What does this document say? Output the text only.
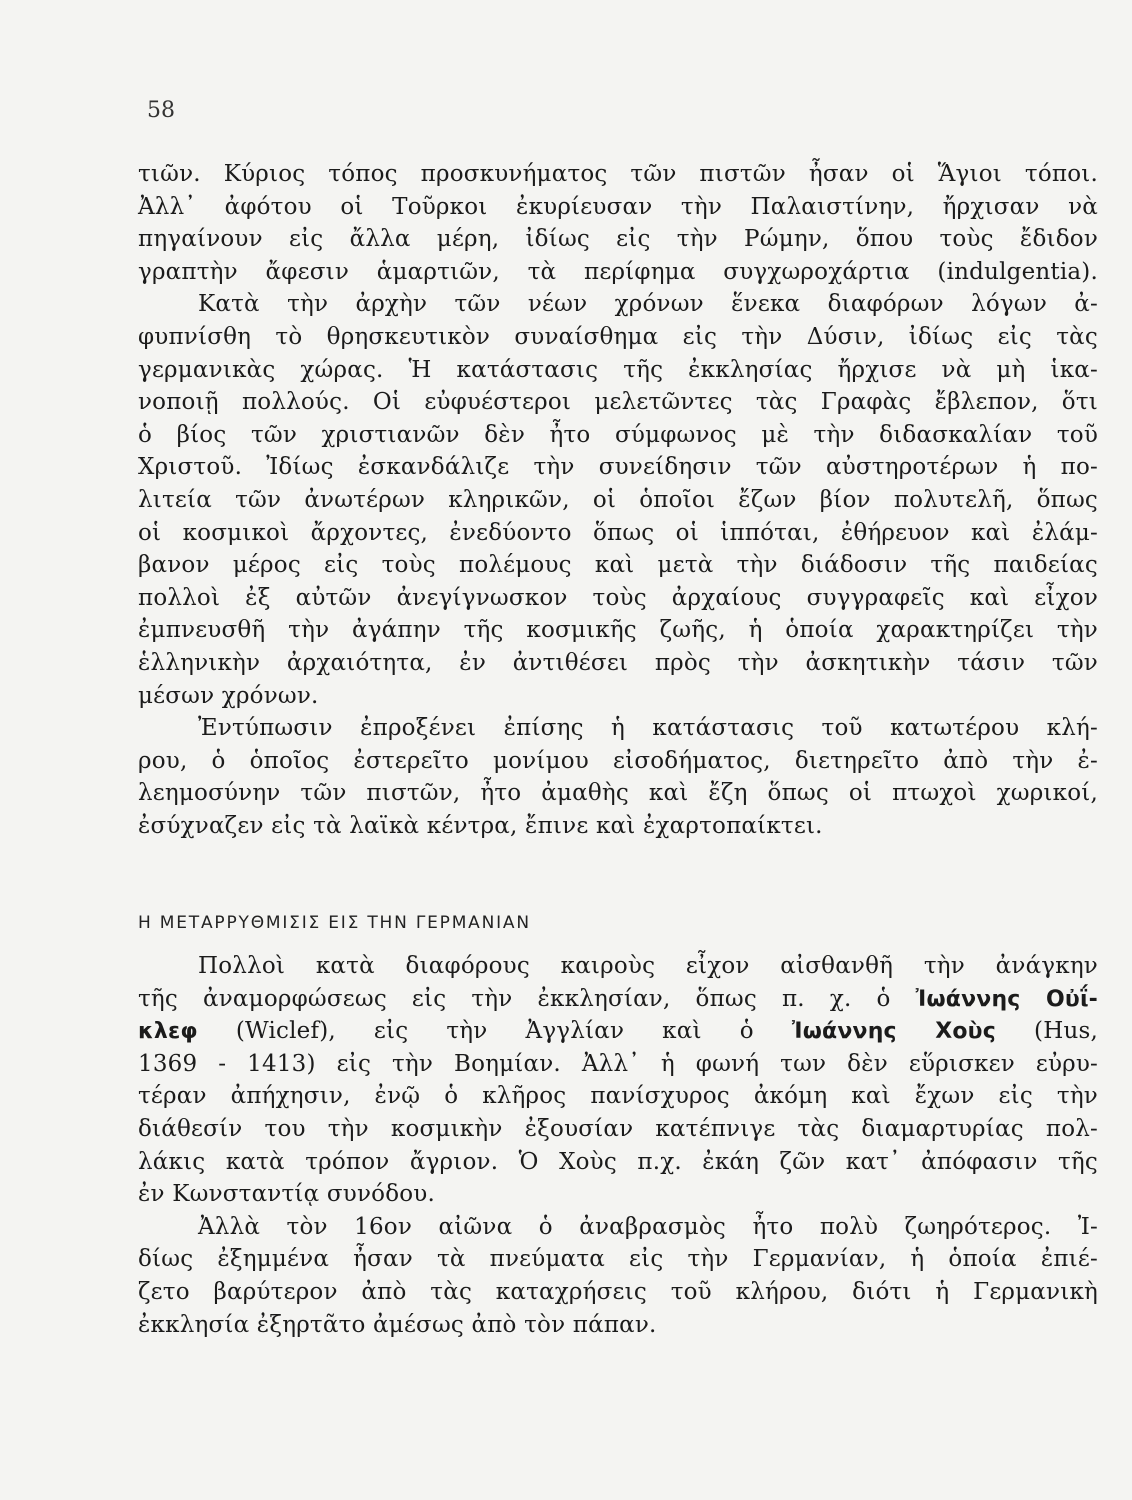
58
τιῶν. Κύριος τόπος προσκυνήματος τῶν πιστῶν ἦσαν οἱ Ἅγιοι τόποι.
Ἀλλ᾿ ἀφότου οἱ Τοῦρκοι ἐκυρίευσαν τὴν Παλαιστίνην, ἤρχισαν νὰ
πηγαίνουν εἰς ἄλλα μέρη, ἰδίως εἰς τὴν Ρώμην, ὅπου τοὺς ἔδιδον
γραπτὴν ἄφεσιν ἁμαρτιῶν, τὰ περίφημα συγχωροχάρτια (indulgentia).
Κατὰ τὴν ἀρχὴν τῶν νέων χρόνων ἕνεκα διαφόρων λόγων ἀ-
φυπνίσθη τὸ θρησκευτικὸν συναίσθημα εἰς τὴν Δύσιν, ἰδίως εἰς τὰς
γερμανικὰς χώρας. Ἡ κατάστασις τῆς ἐκκλησίας ἤρχισε νὰ μὴ ἱκα-
νοποιῇ πολλούς. Οἱ εὐφυέστεροι μελετῶντες τὰς Γραφὰς ἔβλεπον, ὅτι
ὁ βίος τῶν χριστιανῶν δὲν ἦτο σύμφωνος μὲ τὴν διδασκαλίαν τοῦ
Χριστοῦ. Ἰδίως ἐσκανδάλιζε τὴν συνείδησιν τῶν αὐστηροτέρων ἡ πο-
λιτεία τῶν ἀνωτέρων κληρικῶν, οἱ ὁποῖοι ἔζων βίον πολυτελῆ, ὅπως
οἱ κοσμικοὶ ἄρχοντες, ἐνεδύοντο ὅπως οἱ ἱππόται, ἐθήρευον καὶ ἐλάμ-
βανον μέρος εἰς τοὺς πολέμους καὶ μετὰ τὴν διάδοσιν τῆς παιδείας
πολλοὶ ἐξ αὐτῶν ἀνεγίγνωσκον τοὺς ἀρχαίους συγγραφεῖς καὶ εἶχον
ἐμπνευσθῆ τὴν ἀγάπην τῆς κοσμικῆς ζωῆς, ἡ ὁποία χαρακτηρίζει τὴν
ἑλληνικὴν ἀρχαιότητα, ἐν ἀντιθέσει πρὸς τὴν ἀσκητικὴν τάσιν τῶν
μέσων χρόνων.
Ἐντύπωσιν ἐπροξένει ἐπίσης ἡ κατάστασις τοῦ κατωτέρου κλή-
ρου, ὁ ὁποῖος ἐστερεῖτο μονίμου εἰσοδήματος, διετηρεῖτο ἀπὸ τὴν ἐ-
λεημοσύνην τῶν πιστῶν, ἦτο ἀμαθὴς καὶ ἔζη ὅπως οἱ πτωχοὶ χωρικοί,
ἐσύχναζεν εἰς τὰ λαϊκὰ κέντρα, ἔπινε καὶ ἐχαρτοπαίκτει.
Η ΜΕΤΑΡΡΥΘΜΙΣΙΣ ΕΙΣ ΤΗΝ ΓΕΡΜΑΝΙΑΝ
Πολλοὶ κατὰ διαφόρους καιροὺς εἶχον αἰσθανθῆ τὴν ἀνάγκην
τῆς ἀναμορφώσεως εἰς τὴν ἐκκλησίαν, ὅπως π. χ. ὁ Ἰωάννης Οὐΐ-
κλεφ (Wiclef), εἰς τὴν Ἀγγλίαν καὶ ὁ Ἰωάννης Χοὺς (Hus,
1369 - 1413) εἰς τὴν Βοημίαν. Ἀλλ᾿ ἡ φωνή των δὲν εὕρισκεν εὐρυ-
τέραν ἀπήχησιν, ἐνῷ ὁ κλῆρος πανίσχυρος ἀκόμη καὶ ἔχων εἰς τὴν
διάθεσίν του τὴν κοσμικὴν ἐξουσίαν κατέπνιγε τὰς διαμαρτυρίας πολ-
λάκις κατὰ τρόπον ἄγριον. Ὁ Χοὺς π.χ. ἐκάη ζῶν κατ᾿ ἀπόφασιν τῆς
ἐν Κωνσταντίᾳ συνόδου.
Ἀλλὰ τὸν 16ον αἰῶνα ὁ ἀναβρασμὸς ἦτο πολὺ ζωηρότερος. Ἰ-
δίως ἐξημμένα ἦσαν τὰ πνεύματα εἰς τὴν Γερμανίαν, ἡ ὁποία ἐπιέ-
ζετο βαρύτερον ἀπὸ τὰς καταχρήσεις τοῦ κλήρου, διότι ἡ Γερμανικὴ
ἐκκλησία ἐξηρτᾶτο ἀμέσως ἀπὸ τὸν πάπαν.
